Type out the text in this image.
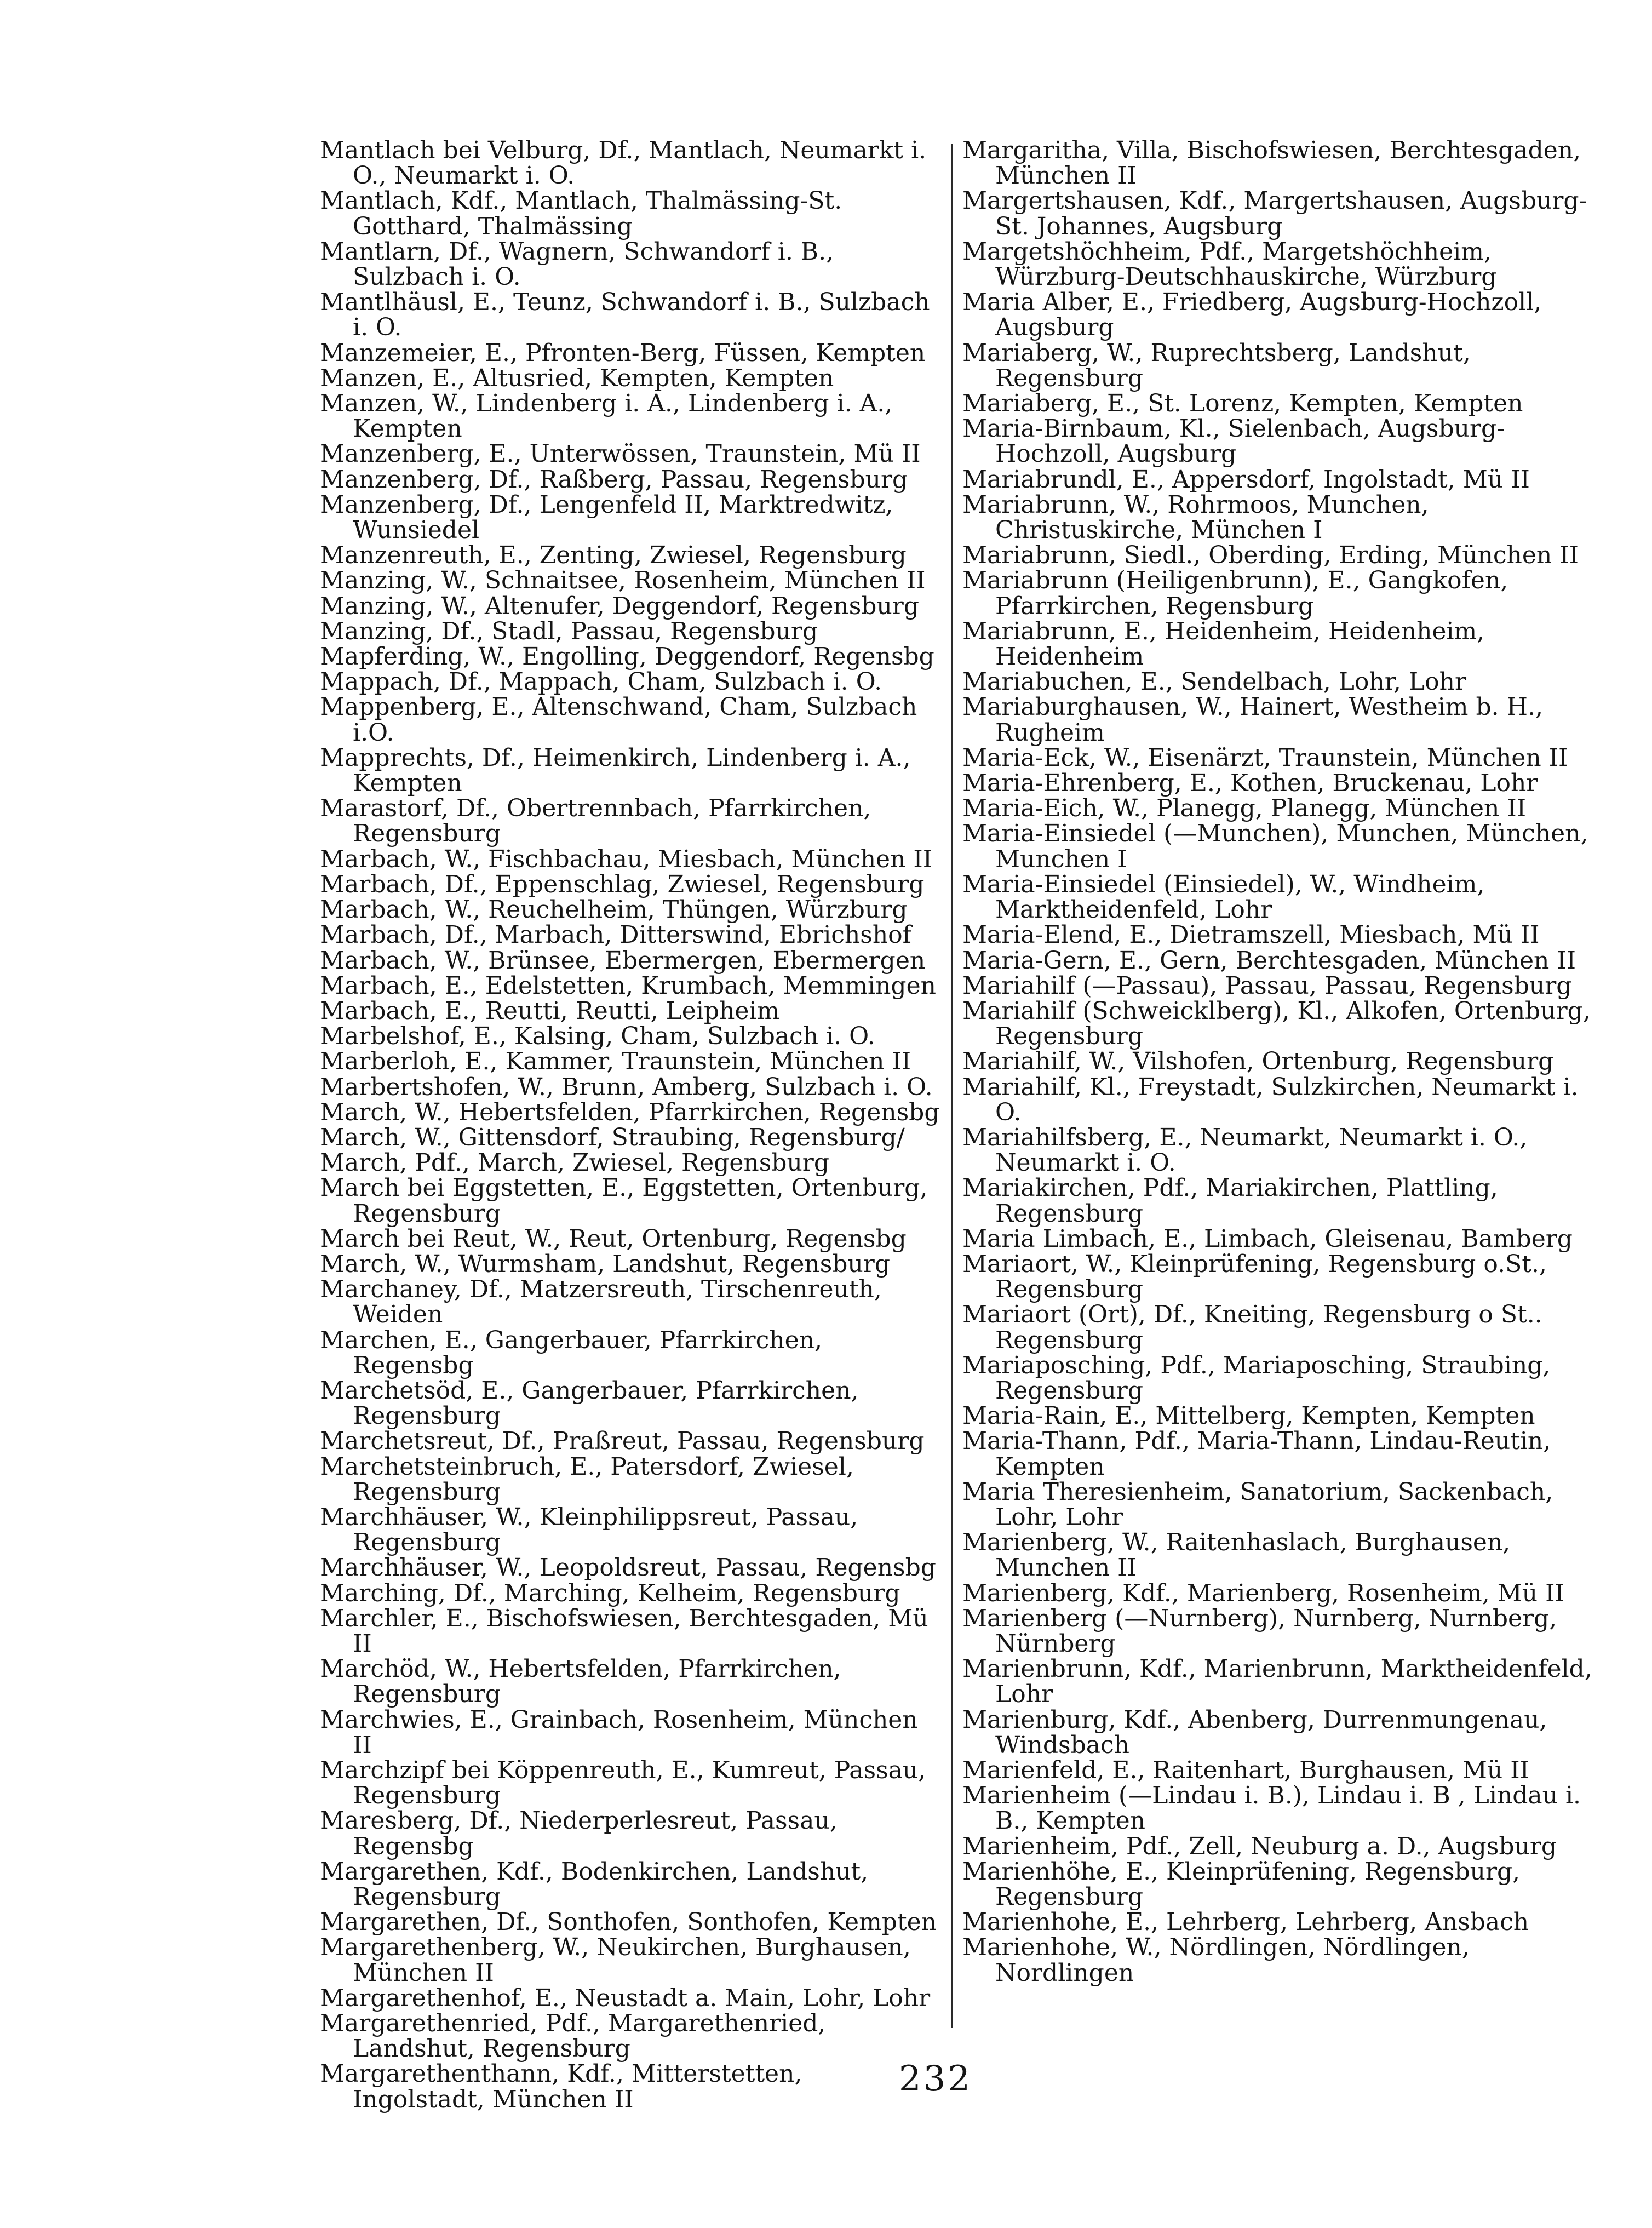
Mantlach bei Velburg, Df., Mantlach, Neumarkt i. O., Neumarkt i. O.
Mantlach, Kdf., Mantlach, Thalmässing-St. Gotthard, Thalmässing
Mantlarn, Df., Wagnern, Schwandorf i. B., Sulzbach i. O.
Mantlhäusl, E., Teunz, Schwandorf i. B., Sulzbach i. O.
Manzemeier, E., Pfronten-Berg, Füssen, Kempten
Manzen, E., Altusried, Kempten, Kempten
Manzen, W., Lindenberg i. A., Lindenberg i. A., Kempten
Manzenberg, E., Unterwössen, Traunstein, Mü II
Manzenberg, Df., Raßberg, Passau, Regensburg
Manzenberg, Df., Lengenfeld II, Marktredwitz, Wunsiedel
Manzenreuth, E., Zenting, Zwiesel, Regensburg
Manzing, W., Schnaitsee, Rosenheim, München II
Manzing, W., Altenufer, Deggendorf, Regensburg
Manzing, Df., Stadl, Passau, Regensburg
Mapferding, W., Engolling, Deggendorf, Regensbg
Mappach, Df., Mappach, Cham, Sulzbach i. O.
Mappenberg, E., Altenschwand, Cham, Sulzbach i.O.
Mapprechts, Df., Heimenkirch, Lindenberg i. A., Kempten
Marastorf, Df., Obertrennbach, Pfarrkirchen, Regensburg
Marbach, W., Fischbachau, Miesbach, München II
Marbach, Df., Eppenschlag, Zwiesel, Regensburg
Marbach, W., Reuchelheim, Thüngen, Würzburg
Marbach, Df., Marbach, Ditterswind, Ebrichshof
Marbach, W., Brünsee, Ebermergen, Ebermergen
Marbach, E., Edelstetten, Krumbach, Memmingen
Marbach, E., Reutti, Reutti, Leipheim
Marbelshof, E., Kalsing, Cham, Sulzbach i. O.
Marberloh, E., Kammer, Traunstein, München II
Marbertshofen, W., Brunn, Amberg, Sulzbach i. O.
March, W., Hebertsfelden, Pfarrkirchen, Regensbg
March, W., Gittensdorf, Straubing, Regensburg/
March, Pdf., March, Zwiesel, Regensburg
March bei Eggstetten, E., Eggstetten, Ortenburg, Regensburg
March bei Reut, W., Reut, Ortenburg, Regensbg
March, W., Wurmsham, Landshut, Regensburg
Marchaney, Df., Matzersreuth, Tirschenreuth, Weiden
Marchen, E., Gangerbauer, Pfarrkirchen, Regensbg
Marchetsöd, E., Gangerbauer, Pfarrkirchen, Regensburg
Marchetsreut, Df., Praßreut, Passau, Regensburg
Marchetsteinbruch, E., Patersdorf, Zwiesel, Regensburg
Marchhäuser, W., Kleinphilippsreut, Passau, Regensburg
Marchhäuser, W., Leopoldsreut, Passau, Regensbg
Marching, Df., Marching, Kelheim, Regensburg
Marchler, E., Bischofswiesen, Berchtesgaden, Mü II
Marchöd, W., Hebertsfelden, Pfarrkirchen, Regensburg
Marchwies, E., Grainbach, Rosenheim, München II
Marchzipf bei Köppenreuth, E., Kumreut, Passau, Regensburg
Maresberg, Df., Niederperlesreut, Passau, Regensbg
Margarethen, Kdf., Bodenkirchen, Landshut, Regensburg
Margarethen, Df., Sonthofen, Sonthofen, Kempten
Margarethenberg, W., Neukirchen, Burghausen, München II
Margarethenhof, E., Neustadt a. Main, Lohr, Lohr
Margarethenried, Pdf., Margarethenried, Landshut, Regensburg
Margarethenthann, Kdf., Mitterstetten, Ingolstadt, München II
Margaritha, Villa, Bischofswiesen, Berchtesgaden, München II
Margertshausen, Kdf., Margertshausen, Augsburg-St. Johannes, Augsburg
Margetshöchheim, Pdf., Margetshöchheim, Würzburg-Deutschhauskirche, Würzburg
Maria Alber, E., Friedberg, Augsburg-Hochzoll, Augsburg
Mariaberg, W., Ruprechtsberg, Landshut, Regensburg
Mariaberg, E., St. Lorenz, Kempten, Kempten
Maria-Birnbaum, Kl., Sielenbach, Augsburg-Hochzoll, Augsburg
Mariabrundl, E., Appersdorf, Ingolstadt, Mü II
Mariabrunn, W., Rohrmoos, Munchen, Christuskirche, München I
Mariabrunn, Siedl., Oberding, Erding, München II
Mariabrunn (Heiligenbrunn), E., Gangkofen, Pfarrkirchen, Regensburg
Mariabrunn, E., Heidenheim, Heidenheim, Heidenheim
Mariabuchen, E., Sendelbach, Lohr, Lohr
Mariaburghausen, W., Hainert, Westheim b. H., Rugheim
Maria-Eck, W., Eisenärzt, Traunstein, München II
Maria-Ehrenberg, E., Kothen, Bruckenau, Lohr
Maria-Eich, W., Planegg, Planegg, München II
Maria-Einsiedel (—Munchen), Munchen, München, Munchen I
Maria-Einsiedel (Einsiedel), W., Windheim, Marktheidenfeld, Lohr
Maria-Elend, E., Dietramszell, Miesbach, Mü II
Maria-Gern, E., Gern, Berchtesgaden, München II
Mariahilf (—Passau), Passau, Passau, Regensburg
Mariahilf (Schweicklberg), Kl., Alkofen, Ortenburg, Regensburg
Mariahilf, W., Vilshofen, Ortenburg, Regensburg
Mariahilf, Kl., Freystadt, Sulzkirchen, Neumarkt i. O.
Mariahilfsberg, E., Neumarkt, Neumarkt i. O., Neumarkt i. O.
Mariakirchen, Pdf., Mariakirchen, Plattling, Regensburg
Maria Limbach, E., Limbach, Gleisenau, Bamberg
Mariaort, W., Kleinprüfening, Regensburg o.St., Regensburg
Mariaort (Ort), Df., Kneiting, Regensburg o St.. Regensburg
Mariaposching, Pdf., Mariaposching, Straubing, Regensburg
Maria-Rain, E., Mittelberg, Kempten, Kempten
Maria-Thann, Pdf., Maria-Thann, Lindau-Reutin, Kempten
Maria Theresienheim, Sanatorium, Sackenbach, Lohr, Lohr
Marienberg, W., Raitenhaslach, Burghausen, Munchen II
Marienberg, Kdf., Marienberg, Rosenheim, Mü II
Marienberg (—Nurnberg), Nurnberg, Nurnberg, Nürnberg
Marienbrunn, Kdf., Marienbrunn, Marktheidenfeld, Lohr
Marienburg, Kdf., Abenberg, Durrenmungenau, Windsbach
Marienfeld, E., Raitenhart, Burghausen, Mü II
Marienheim (—Lindau i. B.), Lindau i. B , Lindau i. B., Kempten
Marienheim, Pdf., Zell, Neuburg a. D., Augsburg
Marienhöhe, E., Kleinprüfening, Regensburg, Regensburg
Marienhohe, E., Lehrberg, Lehrberg, Ansbach
Marienhohe, W., Nördlingen, Nördlingen, Nordlingen
232
